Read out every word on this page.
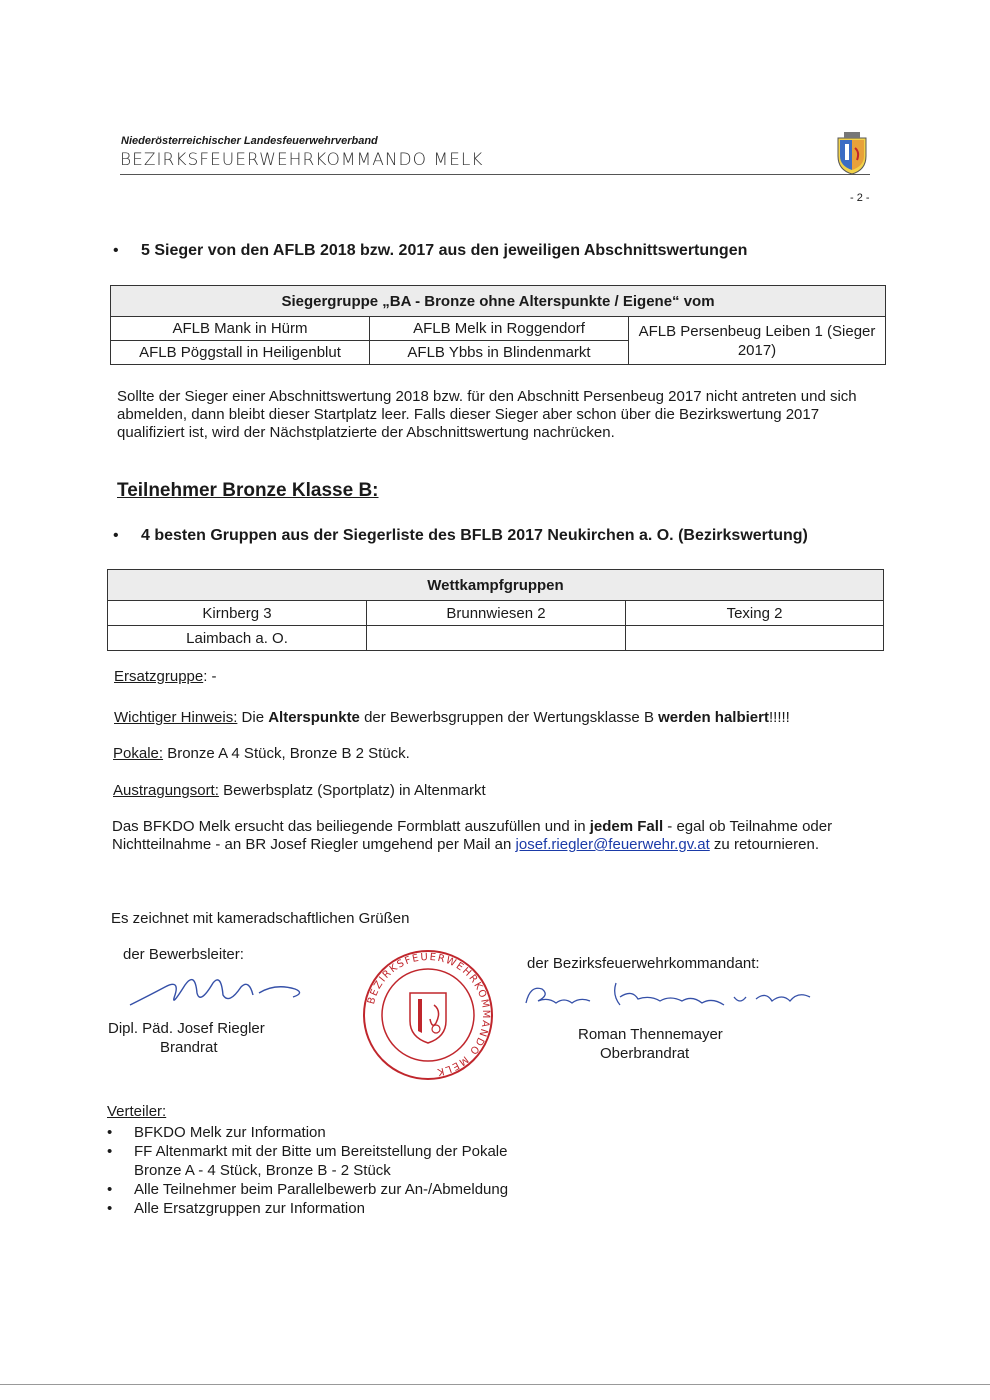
Niederösterreichischer Landesfeuerwehrverband
BEZIRKSFEUERWEHRKOMMANDO MELK
- 2 -
• 5 Sieger von den AFLB 2018 bzw. 2017 aus den jeweiligen Abschnittswertungen
Siegergruppe „BA - Bronze ohne Alterspunkte / Eigene“ vom		
AFLB Mank in Hürm	AFLB Melk in Roggendorf	AFLB Persenbeug Leiben 1 (Sieger 2017)
AFLB Pöggstall in Heiligenblut	AFLB Ybbs in Blindenmarkt	
Sollte der Sieger einer Abschnittswertung 2018 bzw. für den Abschnitt Persenbeug 2017 nicht antreten und sich abmelden, dann bleibt dieser Startplatz leer. Falls dieser Sieger aber schon über die Bezirkswertung 2017 qualifiziert ist, wird der Nächstplatzierte der Abschnittswertung nachrücken.
Teilnehmer Bronze Klasse B:
• 4 besten Gruppen aus der Siegerliste des BFLB 2017 Neukirchen a. O. (Bezirkswertung)
Wettkampfgruppen		
Kirnberg 3	Brunnwiesen 2	Texing 2
Laimbach a. O.		
Ersatzgruppe: -
Wichtiger Hinweis: Die Alterspunkte der Bewerbsgruppen der Wertungsklasse B werden halbiert!!!!!
Pokale: Bronze A 4 Stück, Bronze B 2 Stück.
Austragungsort: Bewerbsplatz (Sportplatz) in Altenmarkt
Das BFKDO Melk ersucht das beiliegende Formblatt auszufüllen und in jedem Fall - egal ob Teilnahme oder Nichtteilnahme - an BR Josef Riegler umgehend per Mail an josef.riegler@feuerwehr.gv.at zu retournieren.
Es zeichnet mit kameradschaftlichen Grüßen
der Bewerbsleiter:
Dipl. Päd. Josef Riegler
Brandrat
BEZIRKSFEUERWEHRKOMMANDO MELK
der Bezirksfeuerwehrkommandant:
Roman Thennemayer
Oberbrandrat
Verteiler:
• BFKDO Melk zur Information
• FF Altenmarkt mit der Bitte um Bereitstellung der Pokale
Bronze A - 4 Stück, Bronze B - 2 Stück
• Alle Teilnehmer beim Parallelbewerb zur An-/Abmeldung
• Alle Ersatzgruppen zur Information
